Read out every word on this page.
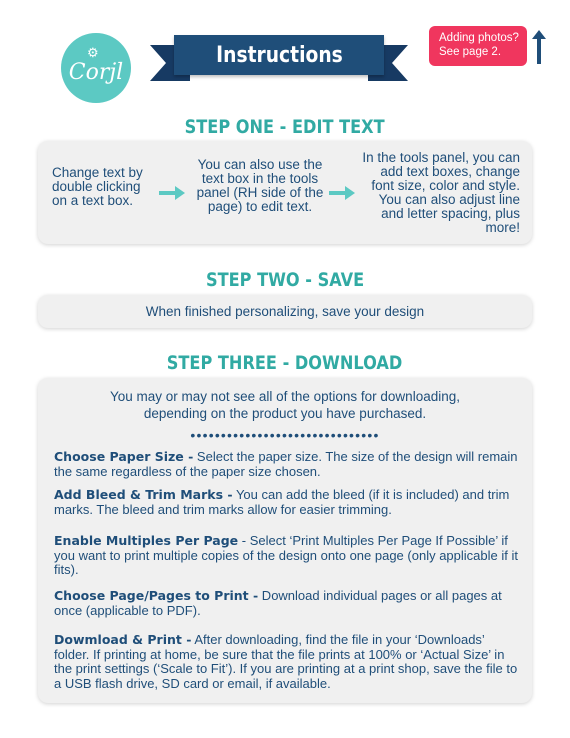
⚙
Corjl
Instructions
Adding photos?
See page 2.
STEP ONE - EDIT TEXT
Change text by double clicking on a text box.
You can also use the text box in the tools panel (RH side of the page) to edit text.
In the tools panel, you can add text boxes, change font size, color and style. You can also adjust line and letter spacing, plus more!
STEP TWO - SAVE
When finished personalizing, save your design
STEP THREE - DOWNLOAD
You may or may not see all of the options for downloading, depending on the product you have purchased.
•••••••••••••••••••••••••••••••
Choose Paper Size - Select the paper size. The size of the design will remain the same regardless of the paper size chosen.
Add Bleed & Trim Marks - You can add the bleed (if it is included) and trim marks. The bleed and trim marks allow for easier trimming.
Enable Multiples Per Page - Select ‘Print Multiples Per Page If Possible’ if you want to print multiple copies of the design onto one page (only applicable if it fits).
Choose Page/Pages to Print - Download individual pages or all pages at once (applicable to PDF).
Dowmload & Print - After downloading, find the file in your ‘Downloads’ folder. If printing at home, be sure that the file prints at 100% or ‘Actual Size’ in the print settings (‘Scale to Fit’). If you are printing at a print shop, save the file to a USB flash drive, SD card or email, if available.
